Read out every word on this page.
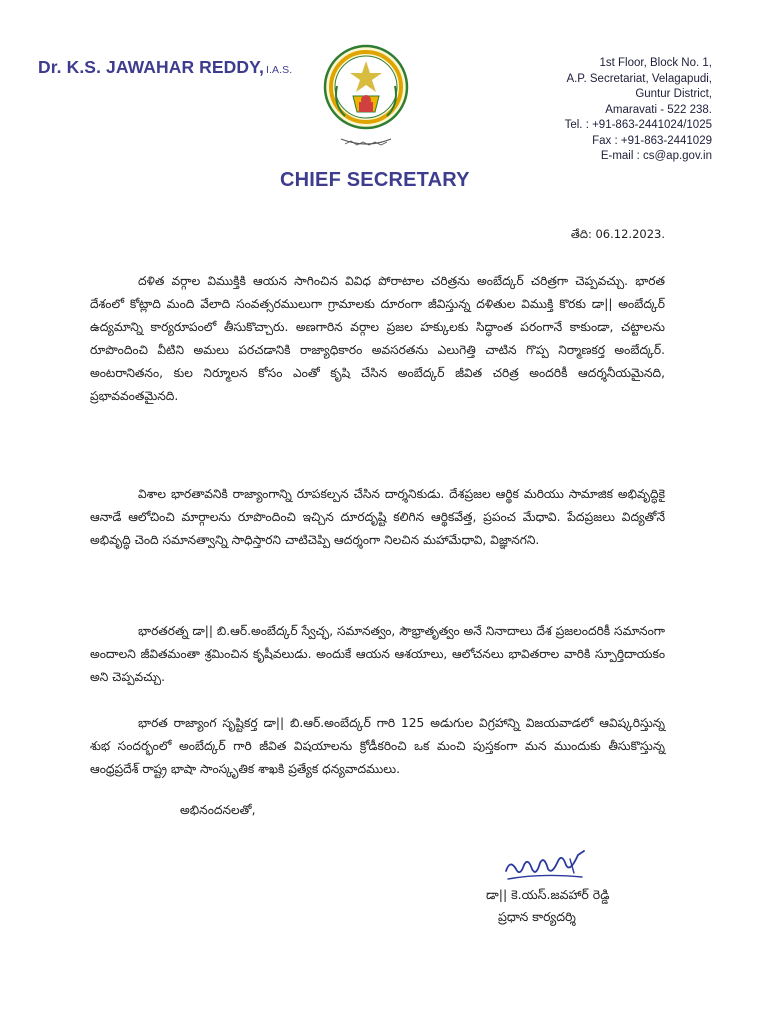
Dr. K.S. JAWAHAR REDDY, I.A.S.
1st Floor, Block No. 1,
A.P. Secretariat, Velagapudi,
Guntur District,
Amaravati - 522 238.
Tel. : +91-863-2441024/1025
Fax : +91-863-2441029
E-mail : cs@ap.gov.in
CHIEF SECRETARY
తేది: 06.12.2023.

దళిత వర్గాల విముక్తికి ఆయన సాగించిన వివిధ పోరాటాల చరిత్రను అంబేద్కర్ చరిత్రగా చెప్పవచ్చు. భారత దేశంలో కోట్లాది మంది వేలాది సంవత్సరములుగా గ్రామాలకు దూరంగా జీవిస్తున్న దళితుల విముక్తి కొరకు డా|| అంబేద్కర్ ఉద్యమాన్ని కార్యరూపంలో తీసుకొచ్చారు. అణగారిన వర్గాల ప్రజల హక్కులకు సిద్ధాంత పరంగానే కాకుండా, చట్టాలను రూపొందించి వీటిని అమలు పరచడానికి రాజ్యాధికారం అవసరతను ఎలుగెత్తి చాటిన గొప్ప నిర్మాణకర్త అంబేద్కర్. అంటరానితనం, కుల నిర్మూలన కోసం ఎంతో కృషి చేసిన అంబేద్కర్ జీవిత చరిత్ర అందరికీ ఆదర్శనీయమైనది, ప్రభావవంతమైనది.

విశాల భారతావనికి రాజ్యాంగాన్ని రూపకల్పన చేసిన దార్శనికుడు. దేశప్రజల ఆర్థిక మరియు సామాజిక అభివృద్ధికై ఆనాడే ఆలోచించి మార్గాలను రూపొందించి ఇచ్చిన దూరదృష్టి కలిగిన ఆర్థికవేత్త, ప్రపంచ మేధావి. పేదప్రజలు విద్యతోనే అభివృద్ధి చెంది సమానత్వాన్ని సాధిస్తారని చాటిచెప్పి ఆదర్శంగా నిలచిన మహామేధావి, విజ్ఞానగని.

భారతరత్న డా|| బి.ఆర్.అంబేద్కర్ స్వేచ్ఛ, సమానత్వం, సౌభ్రాతృత్వం అనే నినాదాలు దేశ ప్రజలందరికీ సమానంగా అందాలని జీవితమంతా శ్రమించిన కృషీవలుడు. అందుకే ఆయన ఆశయాలు, ఆలోచనలు భావితరాల వారికి స్పూర్తిదాయకం అని చెప్పవచ్చు.

భారత రాజ్యాంగ సృష్టికర్త డా|| బి.ఆర్.అంబేద్కర్ గారి 125 అడుగుల విగ్రహాన్ని విజయవాడలో ఆవిష్కరిస్తున్న శుభ సందర్భంలో అంబేద్కర్ గారి జీవిత విషయాలను క్రోడీకరించి ఒక మంచి పుస్తకంగా మన ముందుకు తీసుకొస్తున్న ఆంధ్రప్రదేశ్ రాష్ట్ర భాషా సాంస్కృతిక శాఖకి ప్రత్యేక ధన్యవాదములు.

అభినందనలతో,
డా|| కె.యస్.జవహార్ రెడ్డి
ప్రధాన కార్యదర్శి
